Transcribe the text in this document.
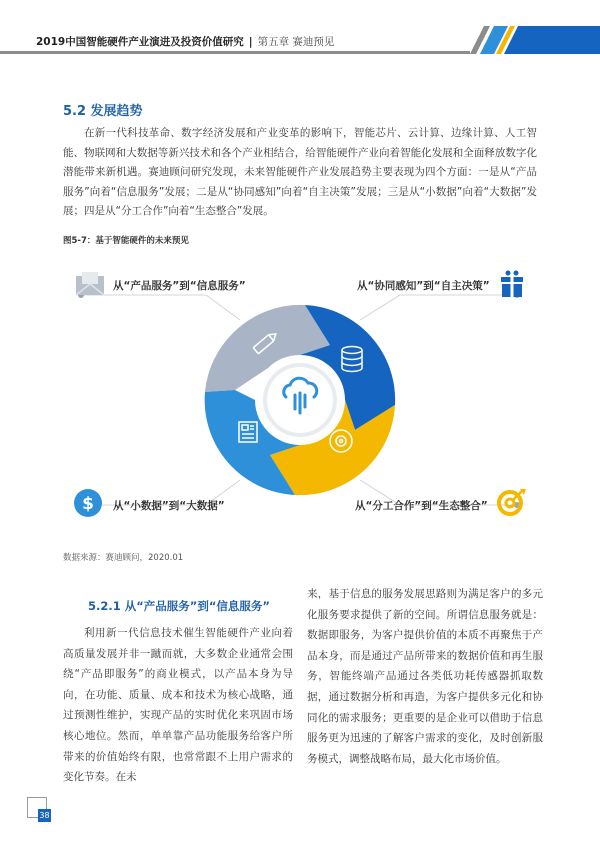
2019中国智能硬件产业演进及投资价值研究 | 第五章 赛迪预见
5.2 发展趋势

在新一代科技革命、数字经济发展和产业变革的影响下，智能芯片、云计算、边缘计算、人工智能、物联网和大数据等新兴技术和各个产业相结合，给智能硬件产业向着智能化发展和全面释放数字化潜能带来新机遇。赛迪顾问研究发现，未来智能硬件产业发展趋势主要表现为四个方面：一是从“产品服务”向着“信息服务”发展；二是从“协同感知”向着“自主决策”发展；三是从“小数据”向着“大数据”发展；四是从“分工合作”向着“生态整合”发展。

图5-7：基于智能硬件的未来预见
$
从“产品服务”到“信息服务”	从“协同感知”到“自主决策”
从“小数据”到“大数据”	从“分工合作”到“生态整合”
数据来源：赛迪顾问，2020.01
5.2.1 从“产品服务”到“信息服务”

利用新一代信息技术催生智能硬件产业向着高质量发展并非一蹴而就，大多数企业通常会围绕“产品即服务”的商业模式，以产品本身为导向，在功能、质量、成本和技术为核心战略，通过预测性维护，实现产品的实时优化来巩固市场核心地位。然而，单单靠产品功能服务给客户所带来的价值始终有限，也常常跟不上用户需求的变化节奏。在未

来，基于信息的服务发展思路则为满足客户的多元化服务要求提供了新的空间。所谓信息服务就是：数据即服务，为客户提供价值的本质不再聚焦于产品本身，而是通过产品所带来的数据价值和再生服务，智能终端产品通过各类低功耗传感器抓取数据，通过数据分析和再造，为客户提供多元化和协同化的需求服务；更重要的是企业可以借助于信息服务更为迅速的了解客户需求的变化，及时创新服务模式，调整战略布局，最大化市场价值。

38
